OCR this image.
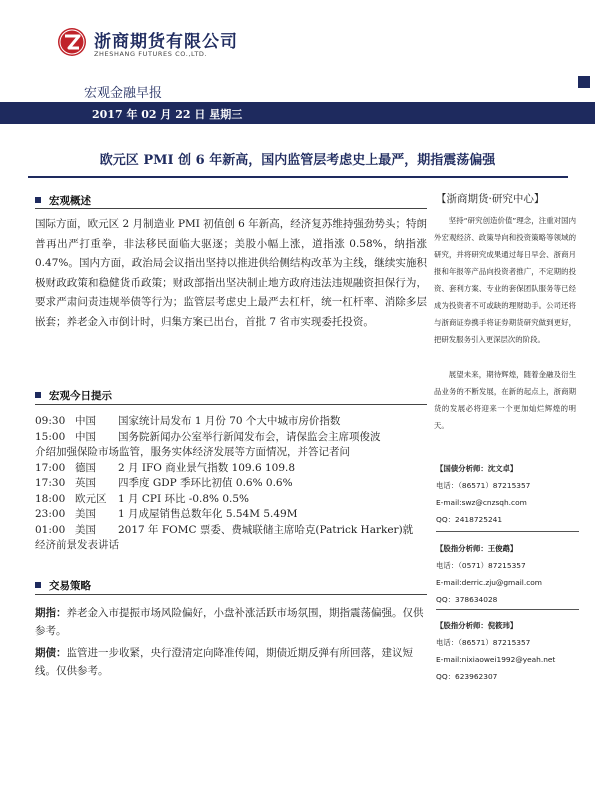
浙商期货有限公司
ZHESHANG FUTURES CO.,LTD.
宏观金融早报
2017 年 02 月 22 日 星期三
欧元区 PMI 创 6 年新高，国内监管层考虑史上最严，期指震荡偏强
宏观概述
国际方面，欧元区 2 月制造业 PMI 初值创 6 年新高，经济复苏维持强劲势头；特朗普再出严打重拳，非法移民面临大驱逐；美股小幅上涨，道指涨 0.58%，纳指涨 0.47%。国内方面，政治局会议指出坚持以推进供给侧结构改革为主线，继续实施积极财政政策和稳健货币政策；财政部指出坚决制止地方政府违法违规融资担保行为，要求严肃问责违规举债等行为；监管层考虑史上最严去杠杆，统一杠杆率、消除多层嵌套；养老金入市倒计时，归集方案已出台，首批 7 省市实现委托投资。
宏观今日提示
09:30 中国	国家统计局发布 1 月份 70 个大中城市房价指数
15:00 中国	国务院新闻办公室举行新闻发布会，请保监会主席项俊波
介绍加强保险市场监管，服务实体经济发展等方面情况，并答记者问
17:00 德国	2 月 IFO 商业景气指数 109.6 109.8
17:30 英国	四季度 GDP 季环比初值 0.6% 0.6%
18:00 欧元区	1 月 CPI 环比 -0.8% 0.5%
23:00 美国	1 月成屋销售总数年化 5.54M 5.49M
01:00 美国	2017 年 FOMC 票委、费城联储主席哈克(Patrick Harker)就
经济前景发表讲话
交易策略

期指：养老金入市提振市场风险偏好，小盘补涨活跃市场氛围，期指震荡偏强。仅供参考。

期债：监管进一步收紧，央行澄清定向降准传闻，期债近期反弹有所回落，建议短线。仅供参考。

【浙商期货·研究中心】
坚持“研究创造价值”理念，注重对国内外宏观经济、政策导向和投资策略等领域的研究，并将研究成果通过每日早会、浙商月报和年报等产品向投资者推广，不定期的投资、套利方案、专业的套保团队服务等已经成为投资者不可或缺的理财助手。公司还将与浙商证券携手将证券期货研究做到更好，把研发服务引入更深层次的阶段。
展望未来，期待辉煌，随着金融及衍生品业务的不断发展，在新的起点上，浙商期货的发展必将迎来一个更加灿烂辉煌的明天。
【国债分析师：沈文卓】
电话：（86571）87215357
E-mail:swz@cnzsqh.com
QQ：2418725241
【股指分析师：王俊鹉】
电话：（0571）87215357
E-mail:derric.zju@gmail.com
QQ：378634028
【股指分析师：倪筱玮】
电话：（86571）87215357
E-mail:nixiaowei1992@yeah.net
QQ：623962307
